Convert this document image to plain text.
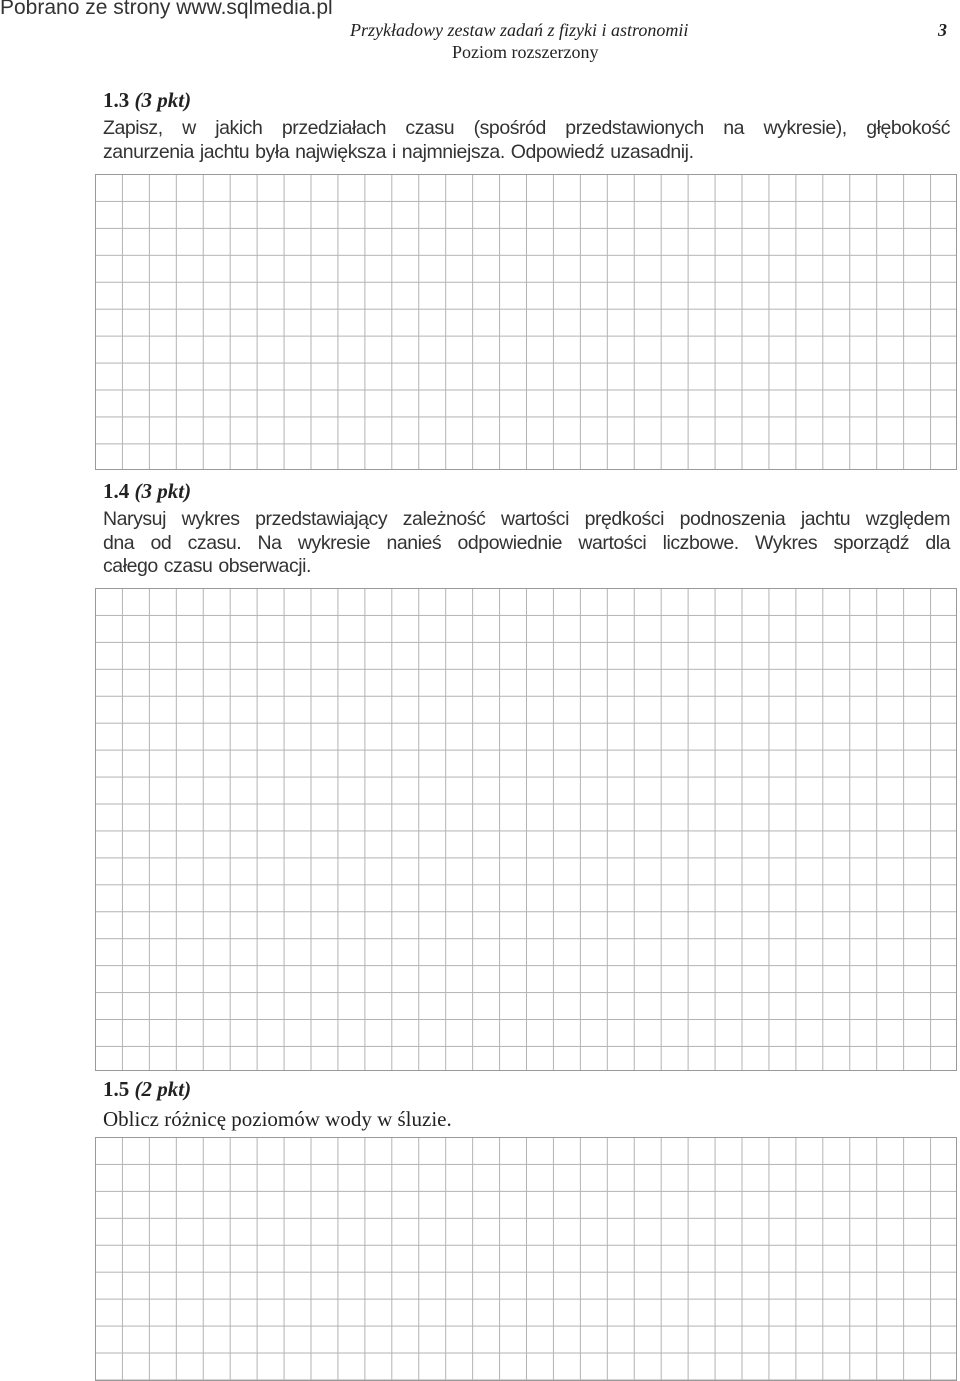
Pobrano ze strony www.sqlmedia.pl
Przykładowy zestaw zadań z fizyki i astronomii
Poziom rozszerzony
3
1.3 (3 pkt)
Zapisz, w jakich przedziałach czasu (spośród przedstawionych na wykresie), głębokość
zanurzenia jachtu była największa i najmniejsza. Odpowiedź uzasadnij.
1.4 (3 pkt)
Narysuj wykres przedstawiający zależność wartości prędkości podnoszenia jachtu względem
dna od czasu. Na wykresie nanieś odpowiednie wartości liczbowe. Wykres sporządź dla
całego czasu obserwacji.
1.5 (2 pkt)
Oblicz różnicę poziomów wody w śluzie.
